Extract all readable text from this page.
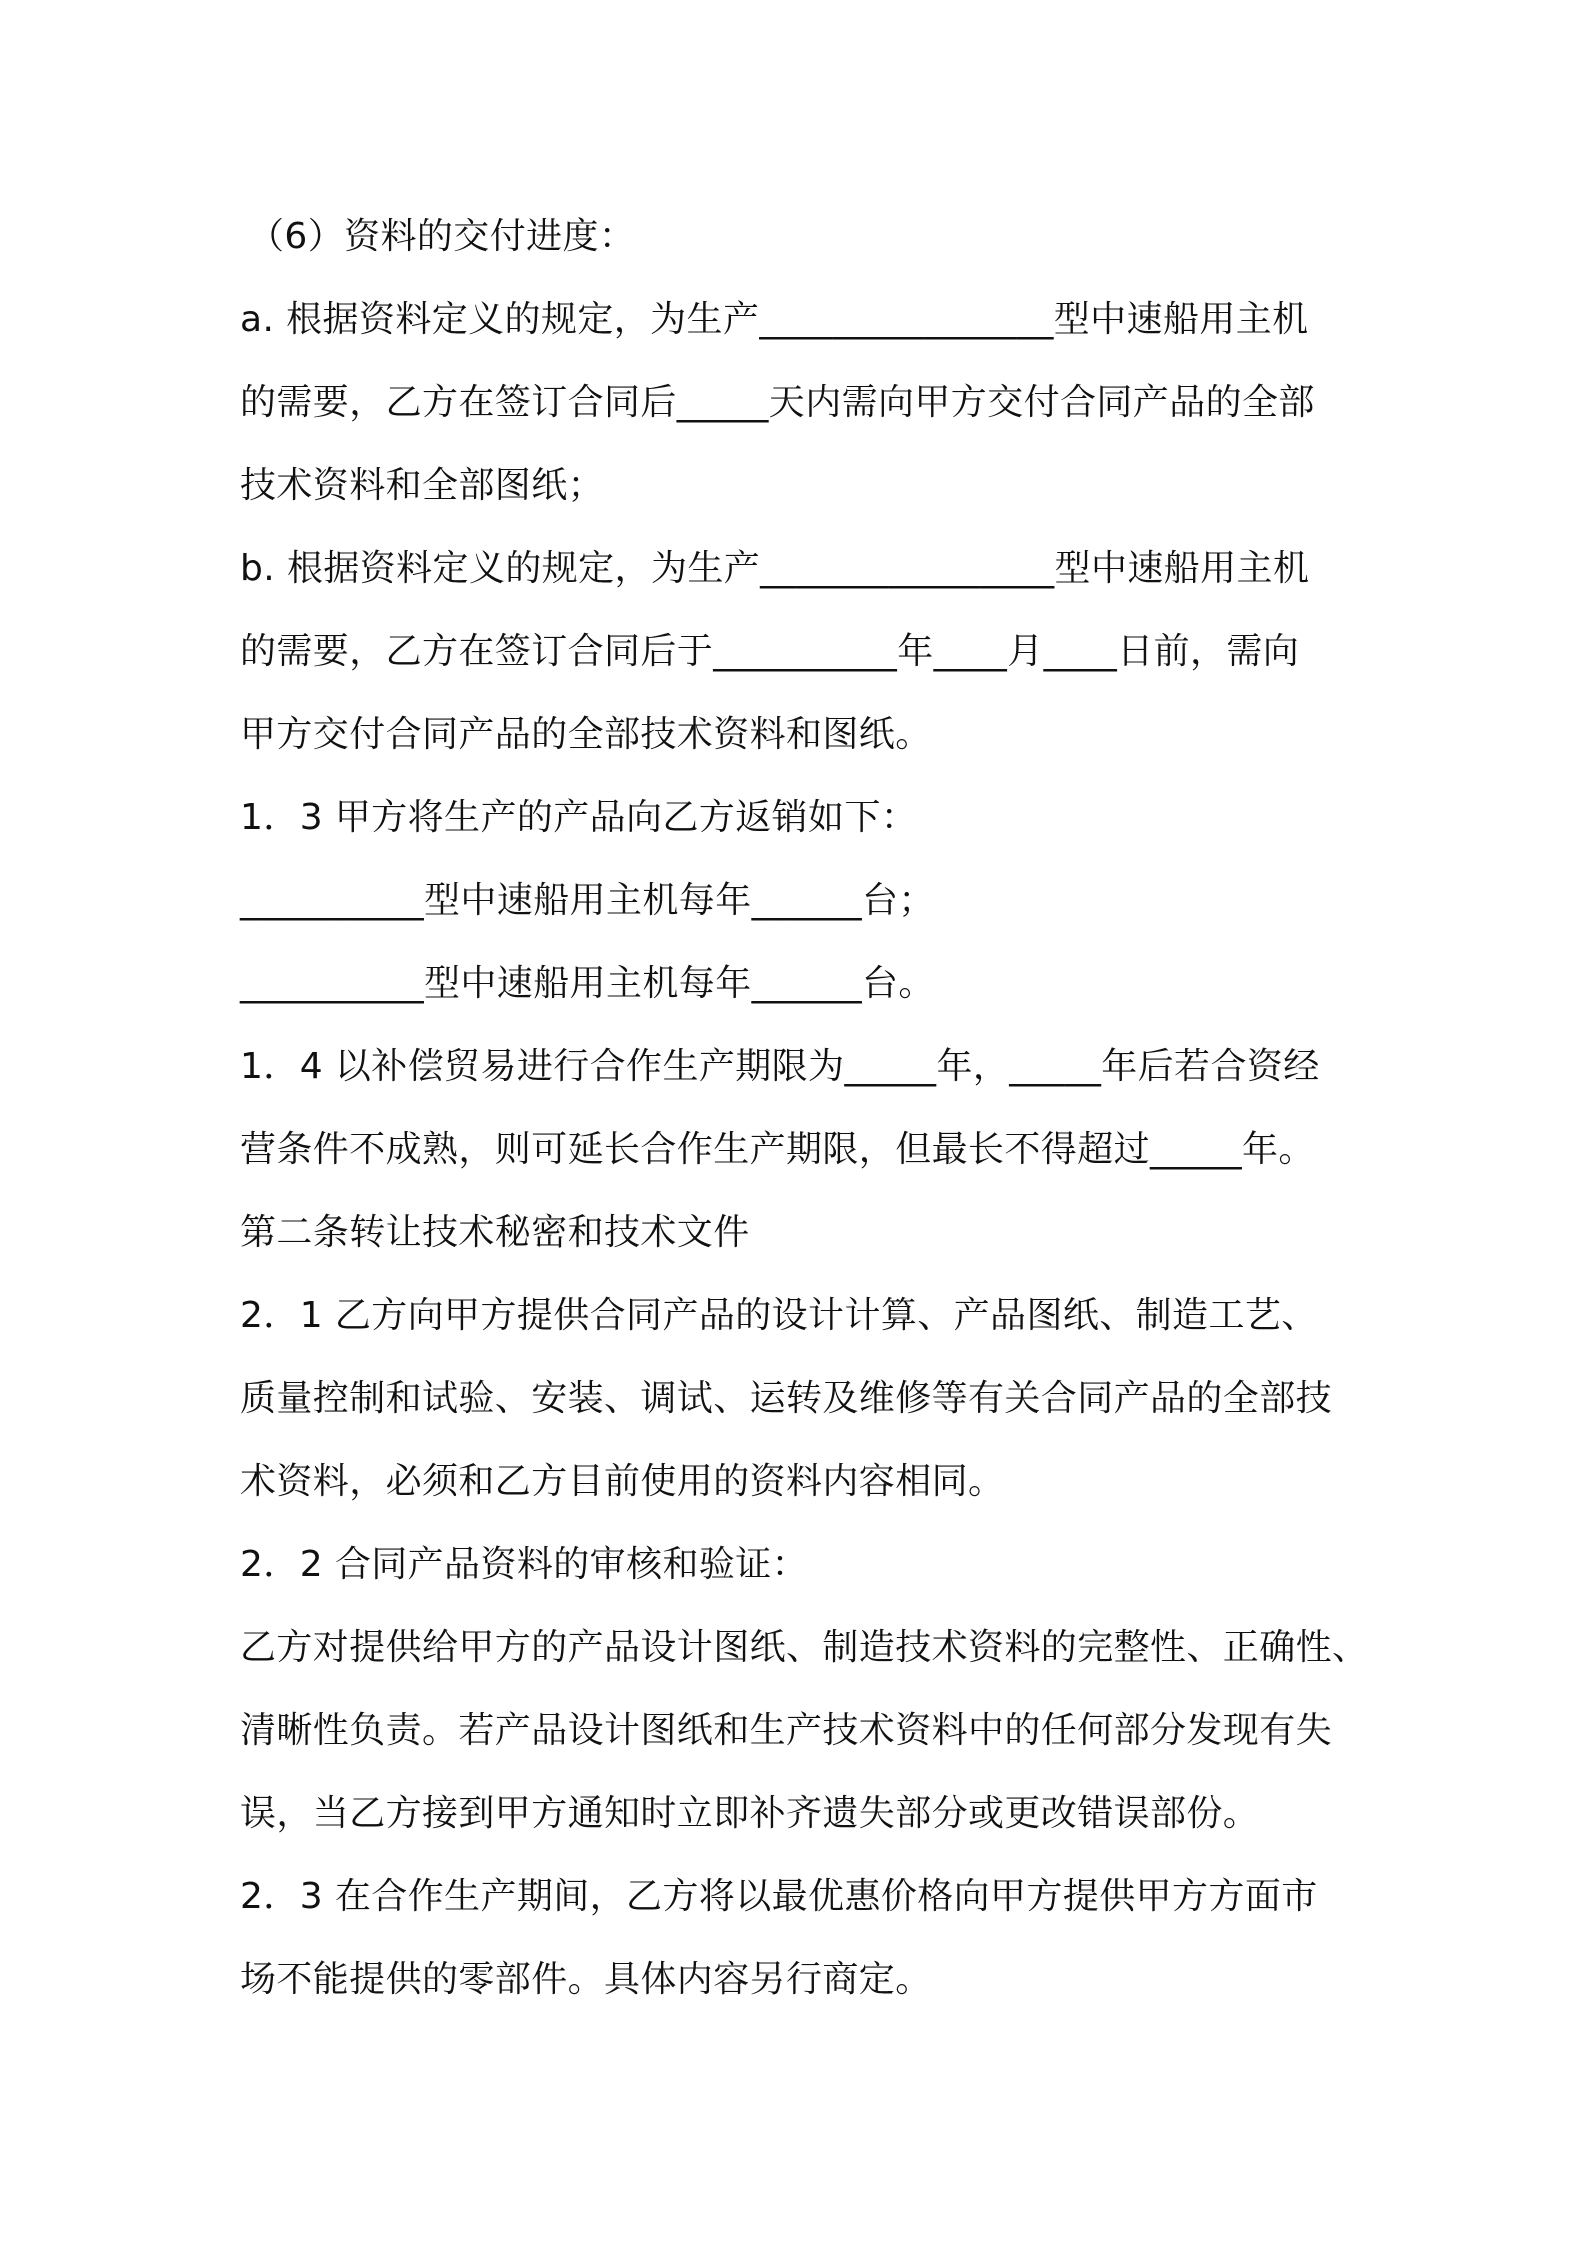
（6）资料的交付进度：
a. 根据资料定义的规定，为生产________________型中速船用主机
的需要，乙方在签订合同后_____天内需向甲方交付合同产品的全部
技术资料和全部图纸；
b. 根据资料定义的规定，为生产________________型中速船用主机
的需要，乙方在签订合同后于__________年____月____日前，需向
甲方交付合同产品的全部技术资料和图纸。
1．3 甲方将生产的产品向乙方返销如下：
__________型中速船用主机每年______台；
__________型中速船用主机每年______台。
1．4 以补偿贸易进行合作生产期限为_____年，_____年后若合资经
营条件不成熟，则可延长合作生产期限，但最长不得超过_____年。
第二条转让技术秘密和技术文件
2．1 乙方向甲方提供合同产品的设计计算、产品图纸、制造工艺、
质量控制和试验、安装、调试、运转及维修等有关合同产品的全部技
术资料，必须和乙方目前使用的资料内容相同。
2．2 合同产品资料的审核和验证：
乙方对提供给甲方的产品设计图纸、制造技术资料的完整性、正确性、
清晰性负责。若产品设计图纸和生产技术资料中的任何部分发现有失
误，当乙方接到甲方通知时立即补齐遗失部分或更改错误部份。
2．3 在合作生产期间，乙方将以最优惠价格向甲方提供甲方方面市
场不能提供的零部件。具体内容另行商定。
